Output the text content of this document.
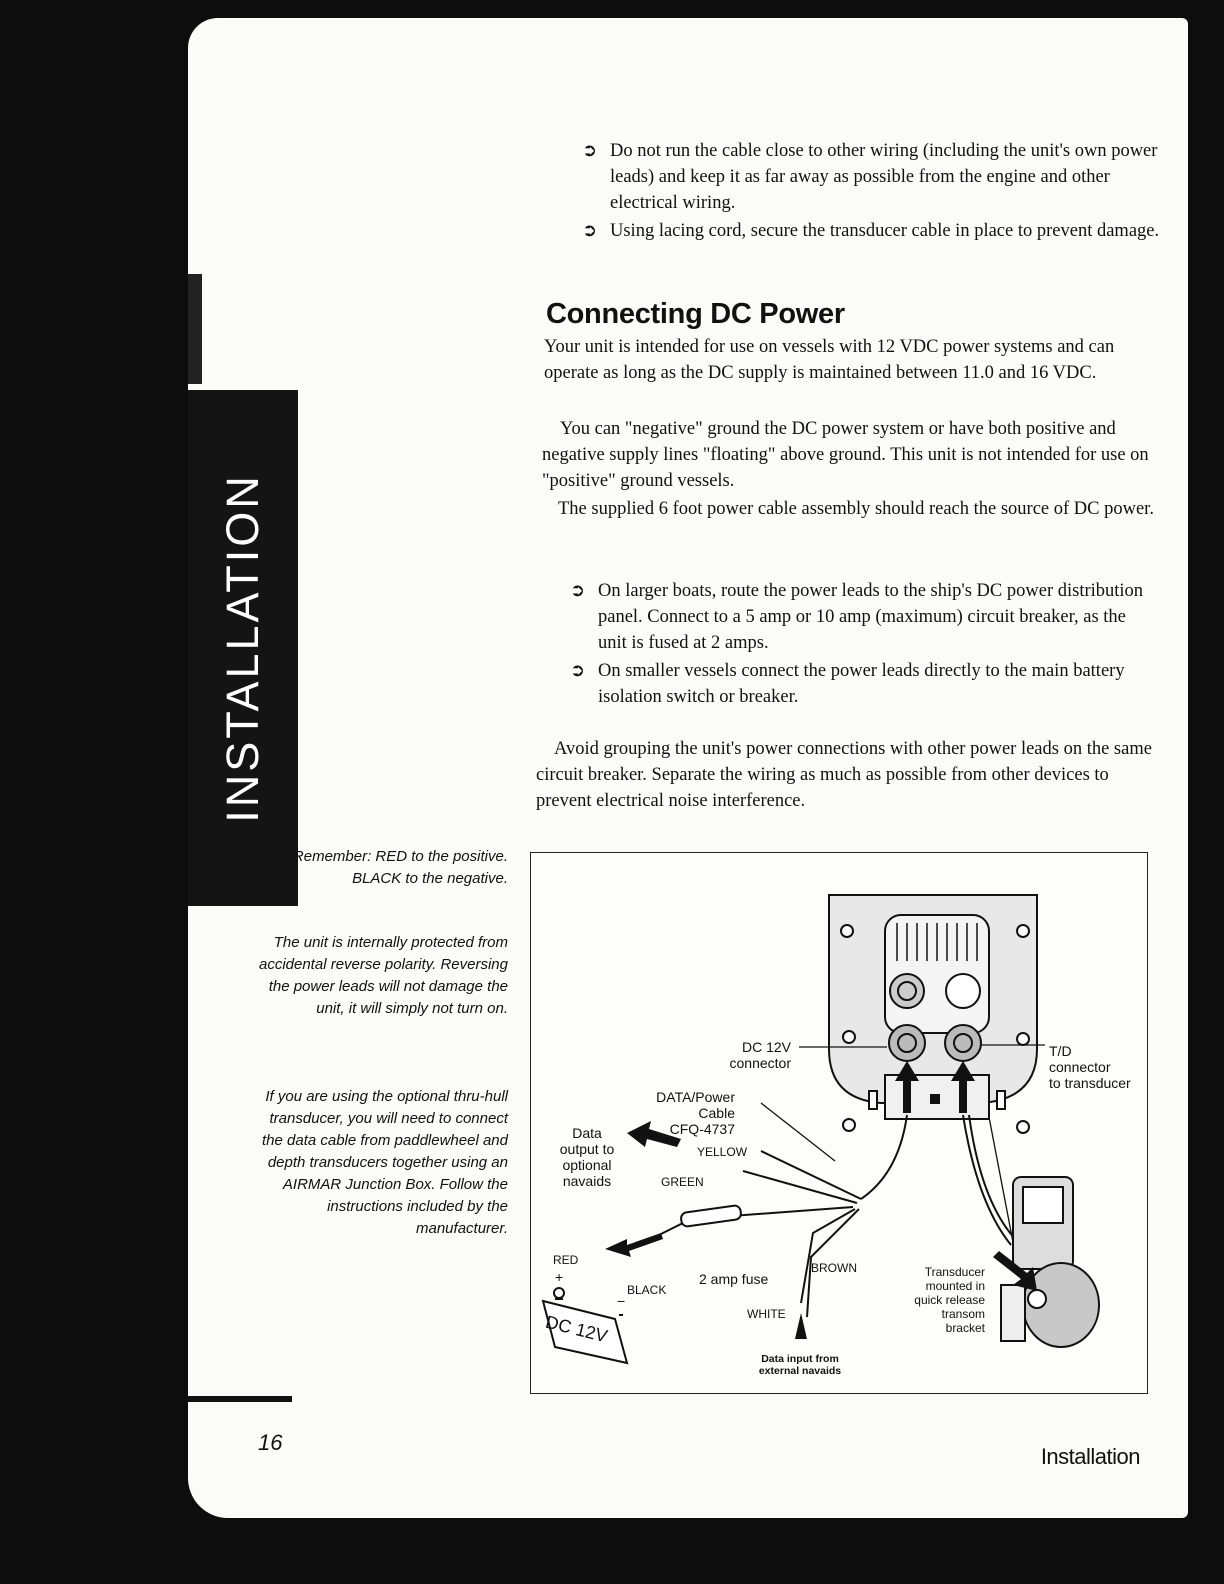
INSTALLATION
➲ Do not run the cable close to other wiring (including the unit's own power leads) and keep it as far away as possible from the engine and other electrical wiring.
➲ Using lacing cord, secure the transducer cable in place to prevent damage.
Connecting DC Power

Your unit is intended for use on vessels with 12 VDC power systems and can operate as long as the DC supply is maintained between 11.0 and 16 VDC.

You can "negative" ground the DC power system or have both positive and negative supply lines "floating" above ground. This unit is not intended for use on "positive" ground vessels.

The supplied 6 foot power cable assembly should reach the source of DC power.

➲ On larger boats, route the power leads to the ship's DC power distribution panel. Connect to a 5 amp or 10 amp (maximum) circuit breaker, as the unit is fused at 2 amps.
➲ On smaller vessels connect the power leads directly to the main battery isolation switch or breaker.

Avoid grouping the unit's power connections with other power leads on the same circuit breaker. Separate the wiring as much as possible from other devices to prevent electrical noise interference.

Remember: RED to the positive. BLACK to the negative.

The unit is internally protected from accidental reverse polarity. Reversing the power leads will not damage the unit, it will simply not turn on.

If you are using the optional thru-hull transducer, you will need to connect the data cable from paddlewheel and depth transducers together using an AIRMAR Junction Box. Follow the instructions included by the manufacturer.

DC 12V
connector
T/D
connector
to transducer
DATA/Power
Cable
CFQ-4737
Data
output to
optional
navaids
YELLOW
GREEN
RED
+
−
BLACK
2 amp fuse
BROWN
WHITE
Data input from
external navaids
Transducer
mounted in
quick release
transom
bracket
DC 12V
16
Installation
